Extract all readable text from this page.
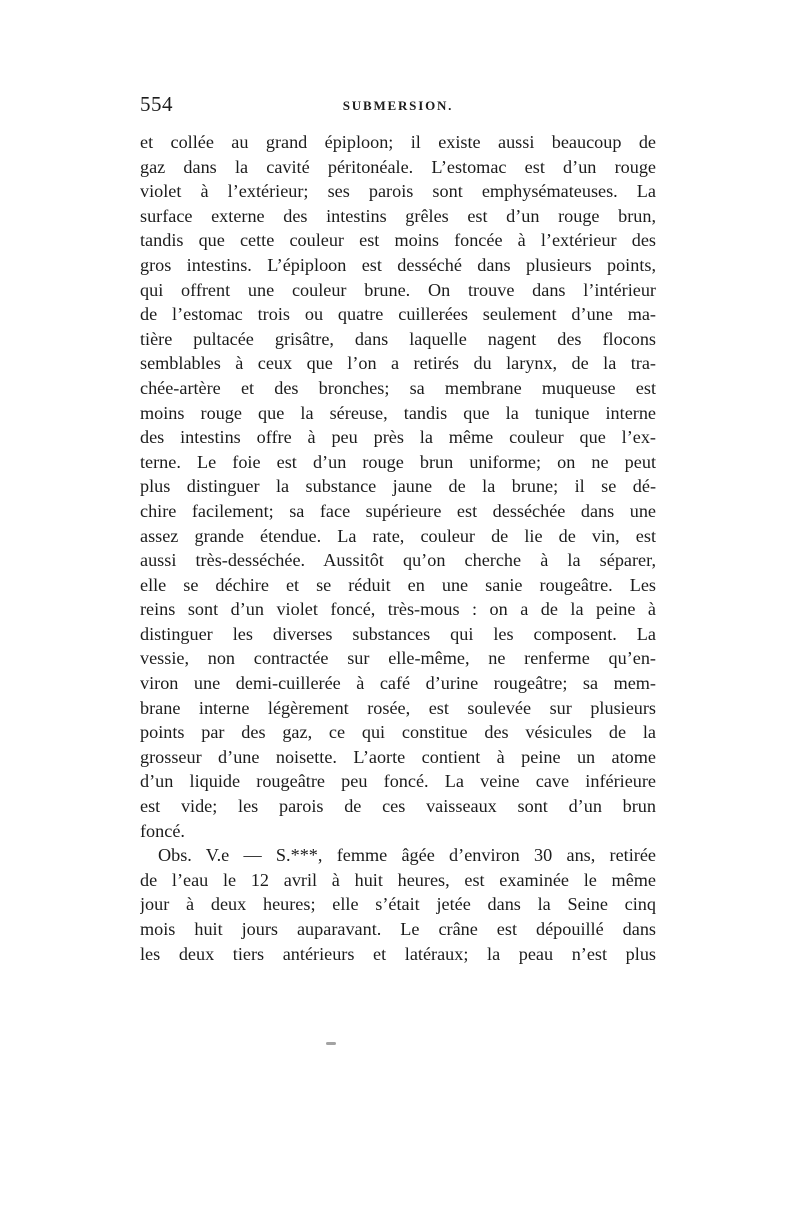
554	SUBMERSION.
et collée au grand épiploon; il existe aussi beaucoup de
gaz dans la cavité péritonéale. L’estomac est d’un rouge
violet à l’extérieur; ses parois sont emphysémateuses. La
surface externe des intestins grêles est d’un rouge brun,
tandis que cette couleur est moins foncée à l’extérieur des
gros intestins. L’épiploon est desséché dans plusieurs points,
qui offrent une couleur brune. On trouve dans l’intérieur
de l’estomac trois ou quatre cuillerées seulement d’une ma-
tière pultacée grisâtre, dans laquelle nagent des flocons
semblables à ceux que l’on a retirés du larynx, de la tra-
chée-artère et des bronches; sa membrane muqueuse est
moins rouge que la séreuse, tandis que la tunique interne
des intestins offre à peu près la même couleur que l’ex-
terne. Le foie est d’un rouge brun uniforme; on ne peut
plus distinguer la substance jaune de la brune; il se dé-
chire facilement; sa face supérieure est desséchée dans une
assez grande étendue. La rate, couleur de lie de vin, est
aussi très-desséchée. Aussitôt qu’on cherche à la séparer,
elle se déchire et se réduit en une sanie rougeâtre. Les
reins sont d’un violet foncé, très-mous : on a de la peine à
distinguer les diverses substances qui les composent. La
vessie, non contractée sur elle-même, ne renferme qu’en-
viron une demi-cuillerée à café d’urine rougeâtre; sa mem-
brane interne légèrement rosée, est soulevée sur plusieurs
points par des gaz, ce qui constitue des vésicules de la
grosseur d’une noisette. L’aorte contient à peine un atome
d’un liquide rougeâtre peu foncé. La veine cave inférieure
est vide; les parois de ces vaisseaux sont d’un brun
foncé.
Obs. V.e — S.***, femme âgée d’environ 30 ans, retirée
de l’eau le 12 avril à huit heures, est examinée le même
jour à deux heures; elle s’était jetée dans la Seine cinq
mois huit jours auparavant. Le crâne est dépouillé dans
les deux tiers antérieurs et latéraux; la peau n’est plus
